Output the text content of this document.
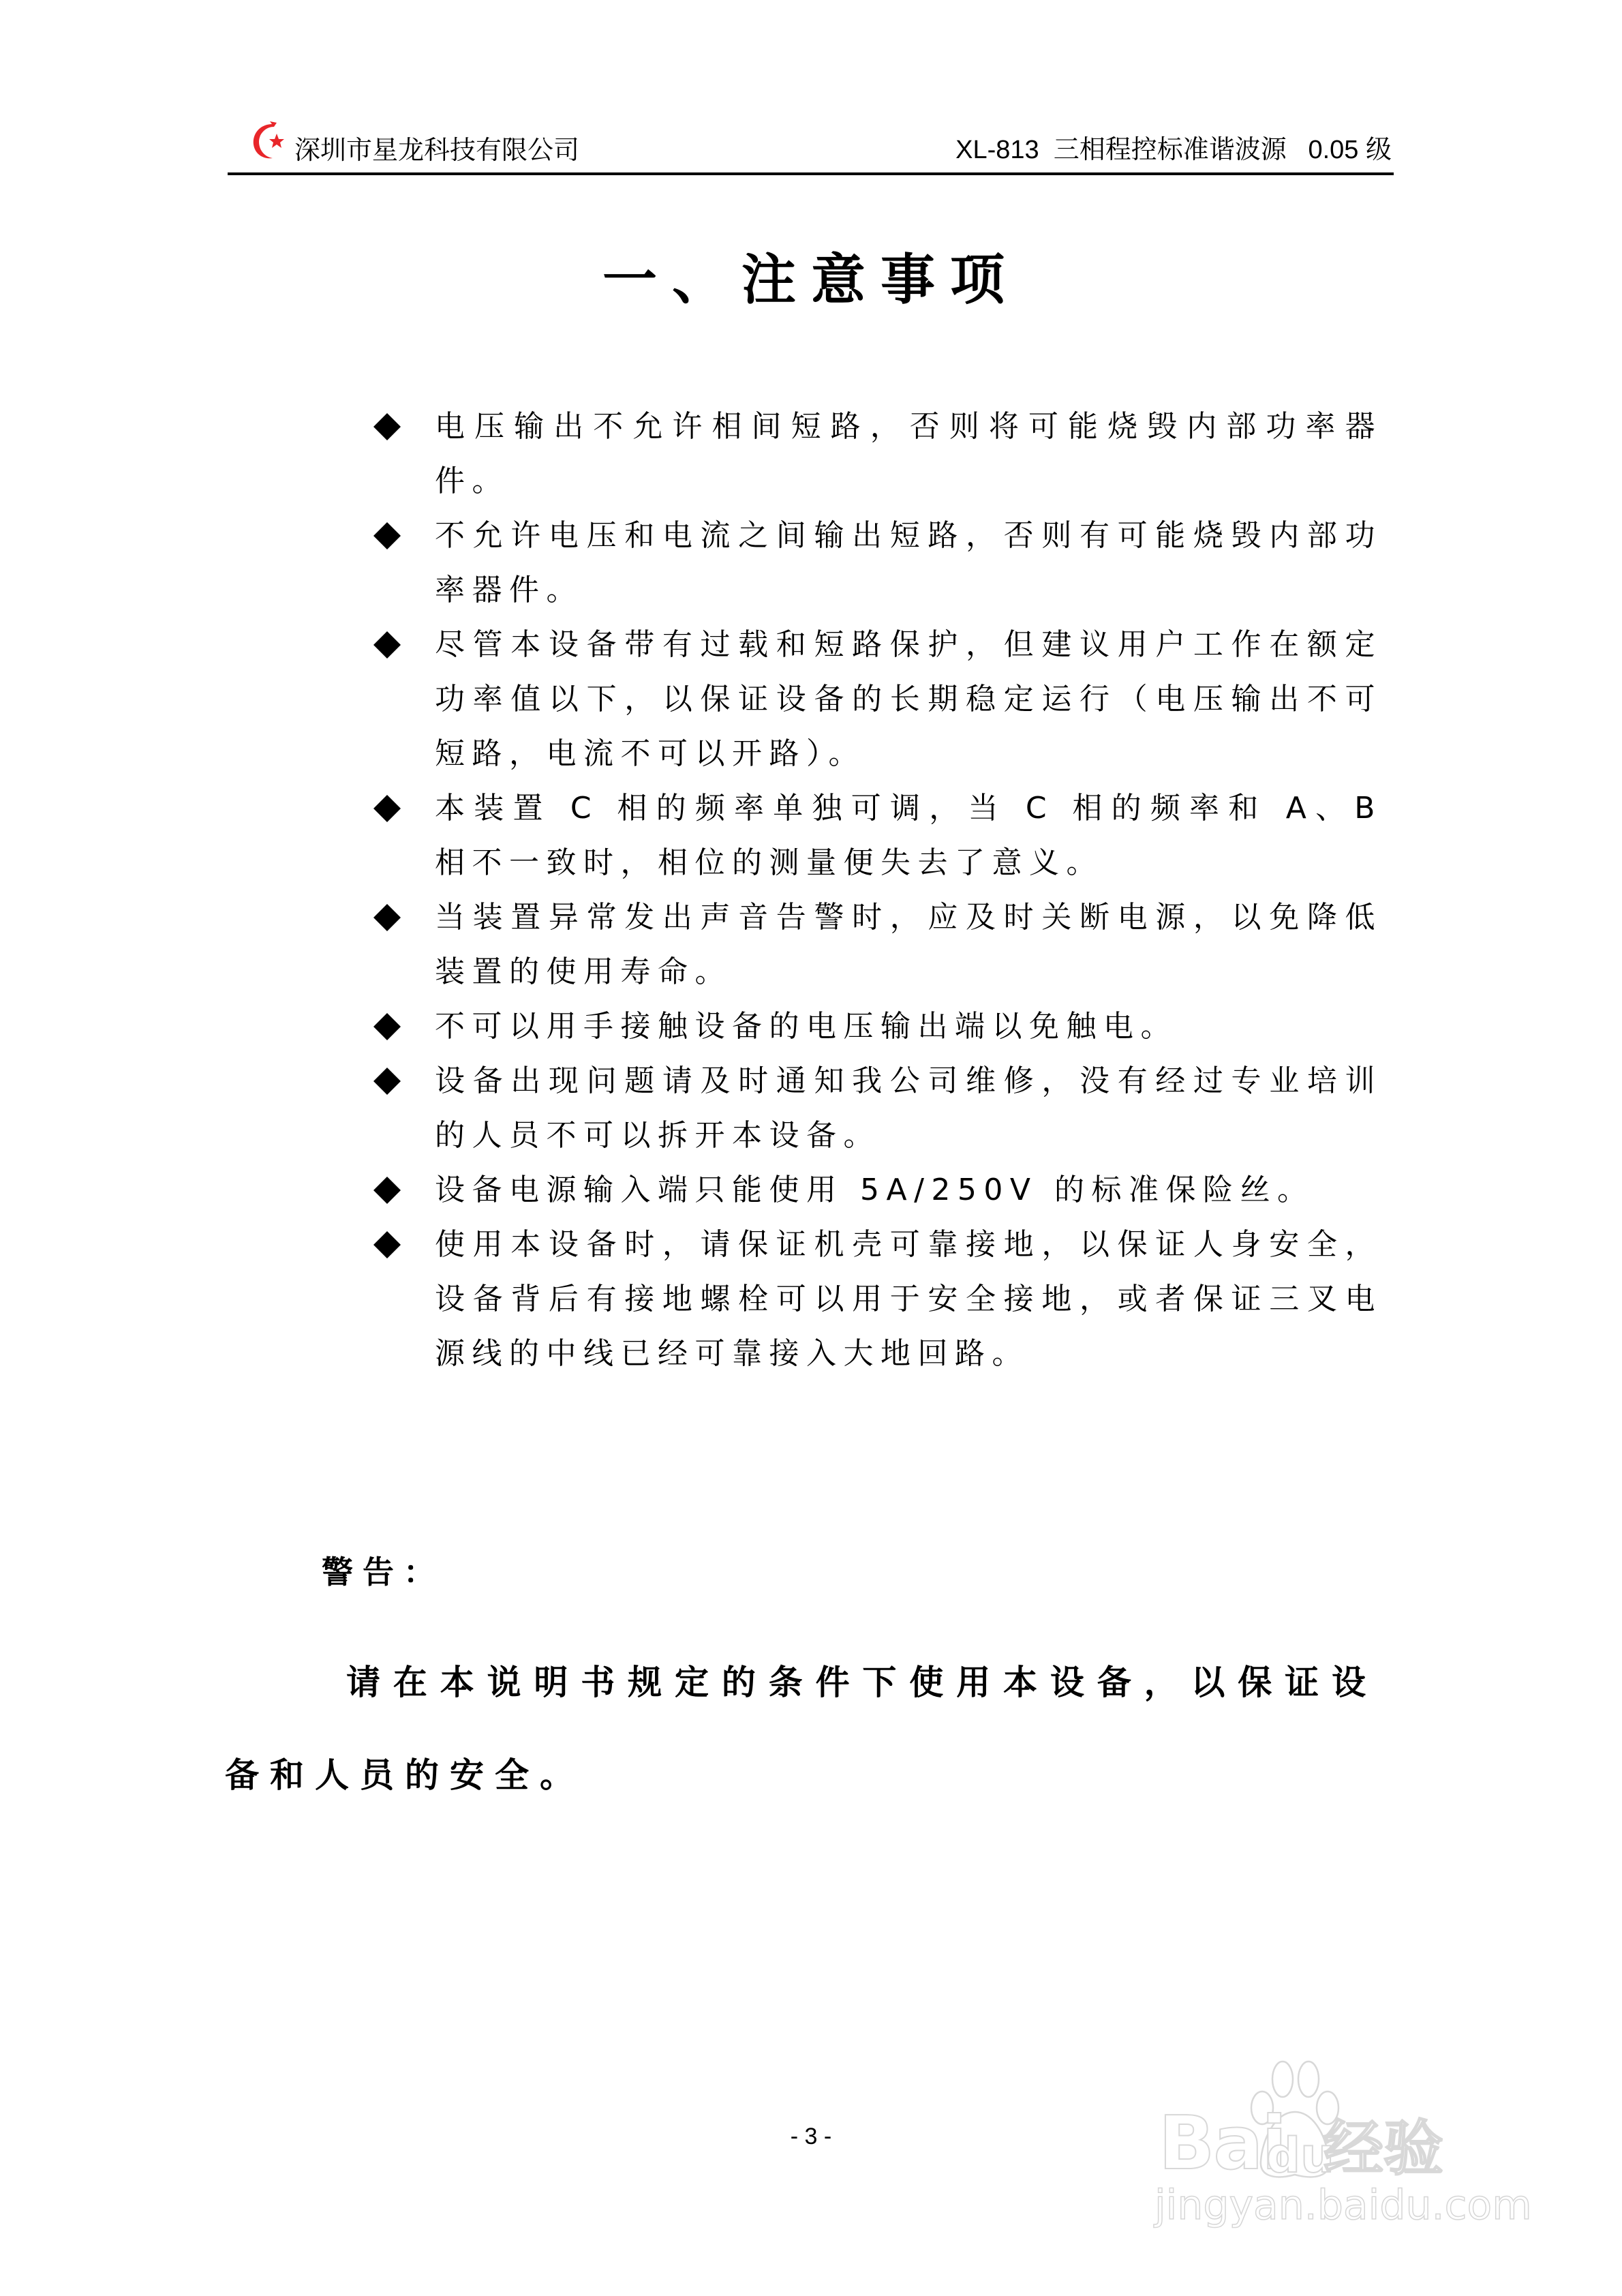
深圳市星龙科技有限公司	XL-813  三相程控标准谐波源   0.05 级
一、注意事项
电压输出不允许相间短路，否则将可能烧毁内部功率器件。
不允许电压和电流之间输出短路，否则有可能烧毁内部功率器件。
尽管本设备带有过载和短路保护，但建议用户工作在额定功率值以下，以保证设备的长期稳定运行（电压输出不可短路，电流不可以开路）。
本装置 C 相的频率单独可调，当 C 相的频率和 A、B 相不一致时，相位的测量便失去了意义。
当装置异常发出声音告警时，应及时关断电源，以免降低装置的使用寿命。
不可以用手接触设备的电压输出端以免触电。
设备出现问题请及时通知我公司维修，没有经过专业培训的人员不可以拆开本设备。
设备电源输入端只能使用 5A/250V 的标准保险丝。
使用本设备时，请保证机壳可靠接地，以保证人身安全，设备背后有接地螺栓可以用于安全接地，或者保证三叉电源线的中线已经可靠接入大地回路。
警告：
请在本说明书规定的条件下使用本设备，以保证设备和人员的安全。
- 3 -	Bai
du
经验
jingyan.baidu.com
